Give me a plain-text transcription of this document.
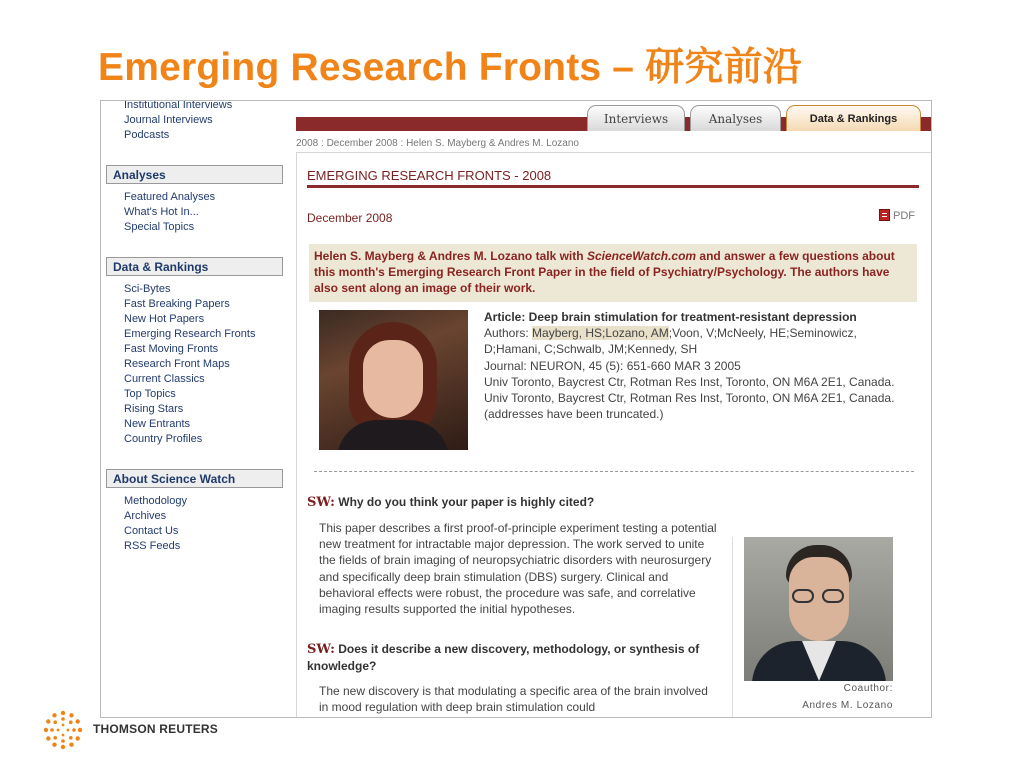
Emerging Research Fronts – 研究前沿
Institutional Interviews
Journal Interviews
Podcasts
Analyses
Featured Analyses
What's Hot In...
Special Topics
Data & Rankings
Sci-Bytes
Fast Breaking Papers
New Hot Papers
Emerging Research Fronts
Fast Moving Fronts
Research Front Maps
Current Classics
Top Topics
Rising Stars
New Entrants
Country Profiles
About Science Watch
Methodology
Archives
Contact Us
RSS Feeds
Interviews	Analyses	Data & Rankings
2008 : December 2008 : Helen S. Mayberg & Andres M. Lozano
EMERGING RESEARCH FRONTS - 2008
December 2008	PDF
Helen S. Mayberg & Andres M. Lozano talk with ScienceWatch.com and answer a few questions about this month's Emerging Research Front Paper in the field of Psychiatry/Psychology. The authors have also sent along an image of their work.
Article: Deep brain stimulation for treatment-resistant depression
Authors: Mayberg, HS;Lozano, AM;Voon, V;McNeely, HE;Seminowicz, D;Hamani, C;Schwalb, JM;Kennedy, SH
Journal: NEURON, 45 (5): 651-660 MAR 3 2005
Univ Toronto, Baycrest Ctr, Rotman Res Inst, Toronto, ON M6A 2E1, Canada.
Univ Toronto, Baycrest Ctr, Rotman Res Inst, Toronto, ON M6A 2E1, Canada.
(addresses have been truncated.)
SW: Why do you think your paper is highly cited?
This paper describes a first proof-of-principle experiment testing a potential new treatment for intractable major depression. The work served to unite the fields of brain imaging of neuropsychiatric disorders with neurosurgery and specifically deep brain stimulation (DBS) surgery. Clinical and behavioral effects were robust, the procedure was safe, and correlative imaging results supported the initial hypotheses.
SW: Does it describe a new discovery, methodology, or synthesis of knowledge?
The new discovery is that modulating a specific area of the brain involved in mood regulation with deep brain stimulation could
Coauthor:
Andres M. Lozano
THOMSON REUTERS
